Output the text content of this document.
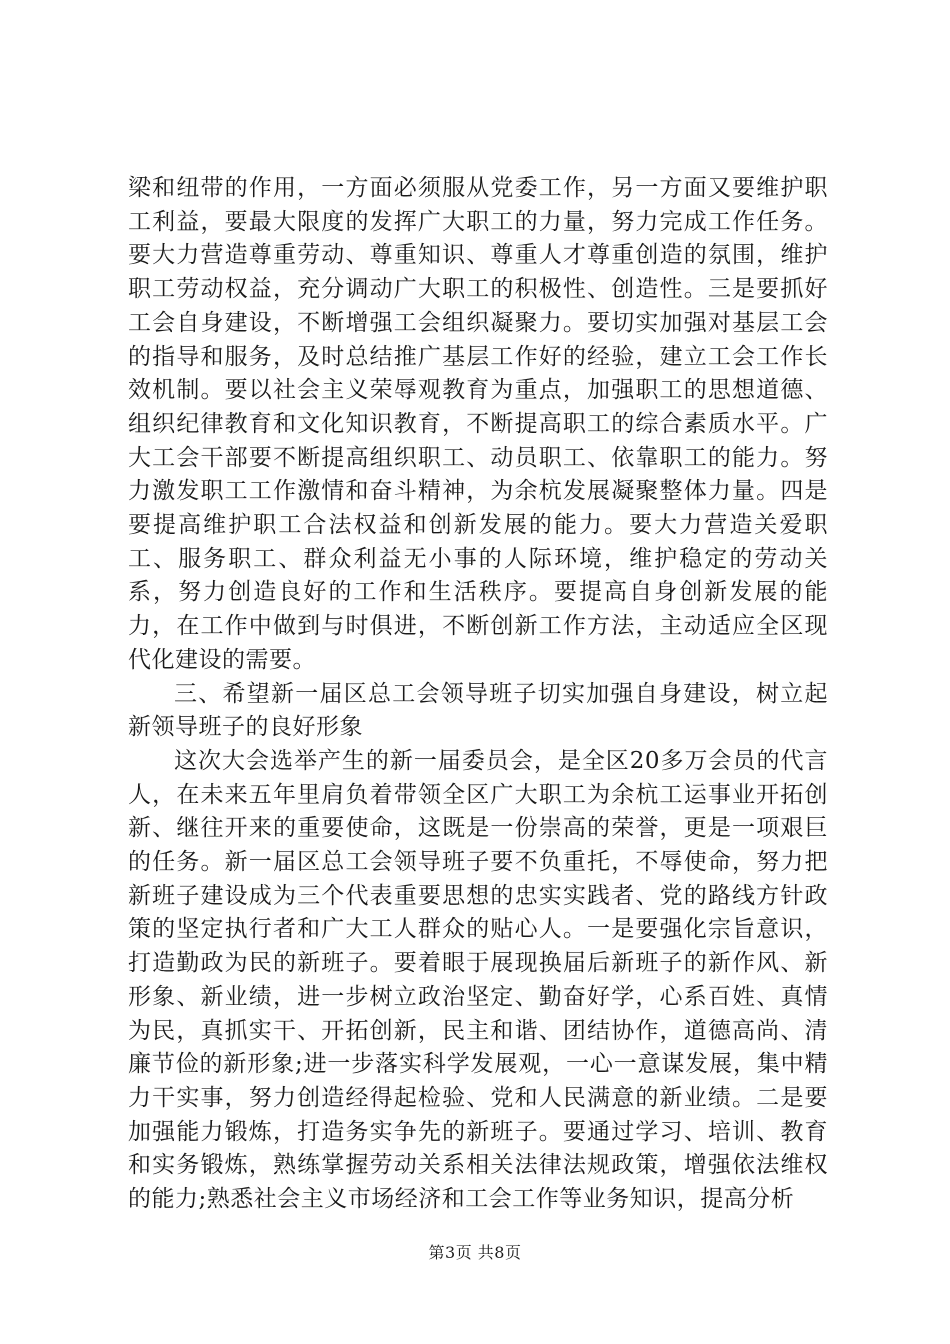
梁和纽带的作用，一方面必须服从党委工作，另一方面又要维护职工利益，要最大限度的发挥广大职工的力量，努力完成工作任务。要大力营造尊重劳动、尊重知识、尊重人才尊重创造的氛围，维护职工劳动权益，充分调动广大职工的积极性、创造性。三是要抓好工会自身建设，不断增强工会组织凝聚力。要切实加强对基层工会的指导和服务，及时总结推广基层工作好的经验，建立工会工作长效机制。要以社会主义荣辱观教育为重点，加强职工的思想道德、组织纪律教育和文化知识教育，不断提高职工的综合素质水平。广大工会干部要不断提高组织职工、动员职工、依靠职工的能力。努力激发职工工作激情和奋斗精神，为余杭发展凝聚整体力量。四是要提高维护职工合法权益和创新发展的能力。要大力营造关爱职工、服务职工、群众利益无小事的人际环境，维护稳定的劳动关系，努力创造良好的工作和生活秩序。要提高自身创新发展的能力，在工作中做到与时俱进，不断创新工作方法，主动适应全区现代化建设的需要。

三、希望新一届区总工会领导班子切实加强自身建设，树立起新领导班子的良好形象

这次大会选举产生的新一届委员会，是全区20多万会员的代言人，在未来五年里肩负着带领全区广大职工为余杭工运事业开拓创新、继往开来的重要使命，这既是一份崇高的荣誉，更是一项艰巨的任务。新一届区总工会领导班子要不负重托，不辱使命，努力把新班子建设成为三个代表重要思想的忠实实践者、党的路线方针政策的坚定执行者和广大工人群众的贴心人。一是要强化宗旨意识，打造勤政为民的新班子。要着眼于展现换届后新班子的新作风、新形象、新业绩，进一步树立政治坚定、勤奋好学，心系百姓、真情为民，真抓实干、开拓创新，民主和谐、团结协作，道德高尚、清廉节俭的新形象;进一步落实科学发展观，一心一意谋发展，集中精力干实事，努力创造经得起检验、党和人民满意的新业绩。二是要加强能力锻炼，打造务实争先的新班子。要通过学习、培训、教育和实务锻炼，熟练掌握劳动关系相关法律法规政策，增强依法维权的能力;熟悉社会主义市场经济和工会工作等业务知识，提高分析

第3页 共8页
